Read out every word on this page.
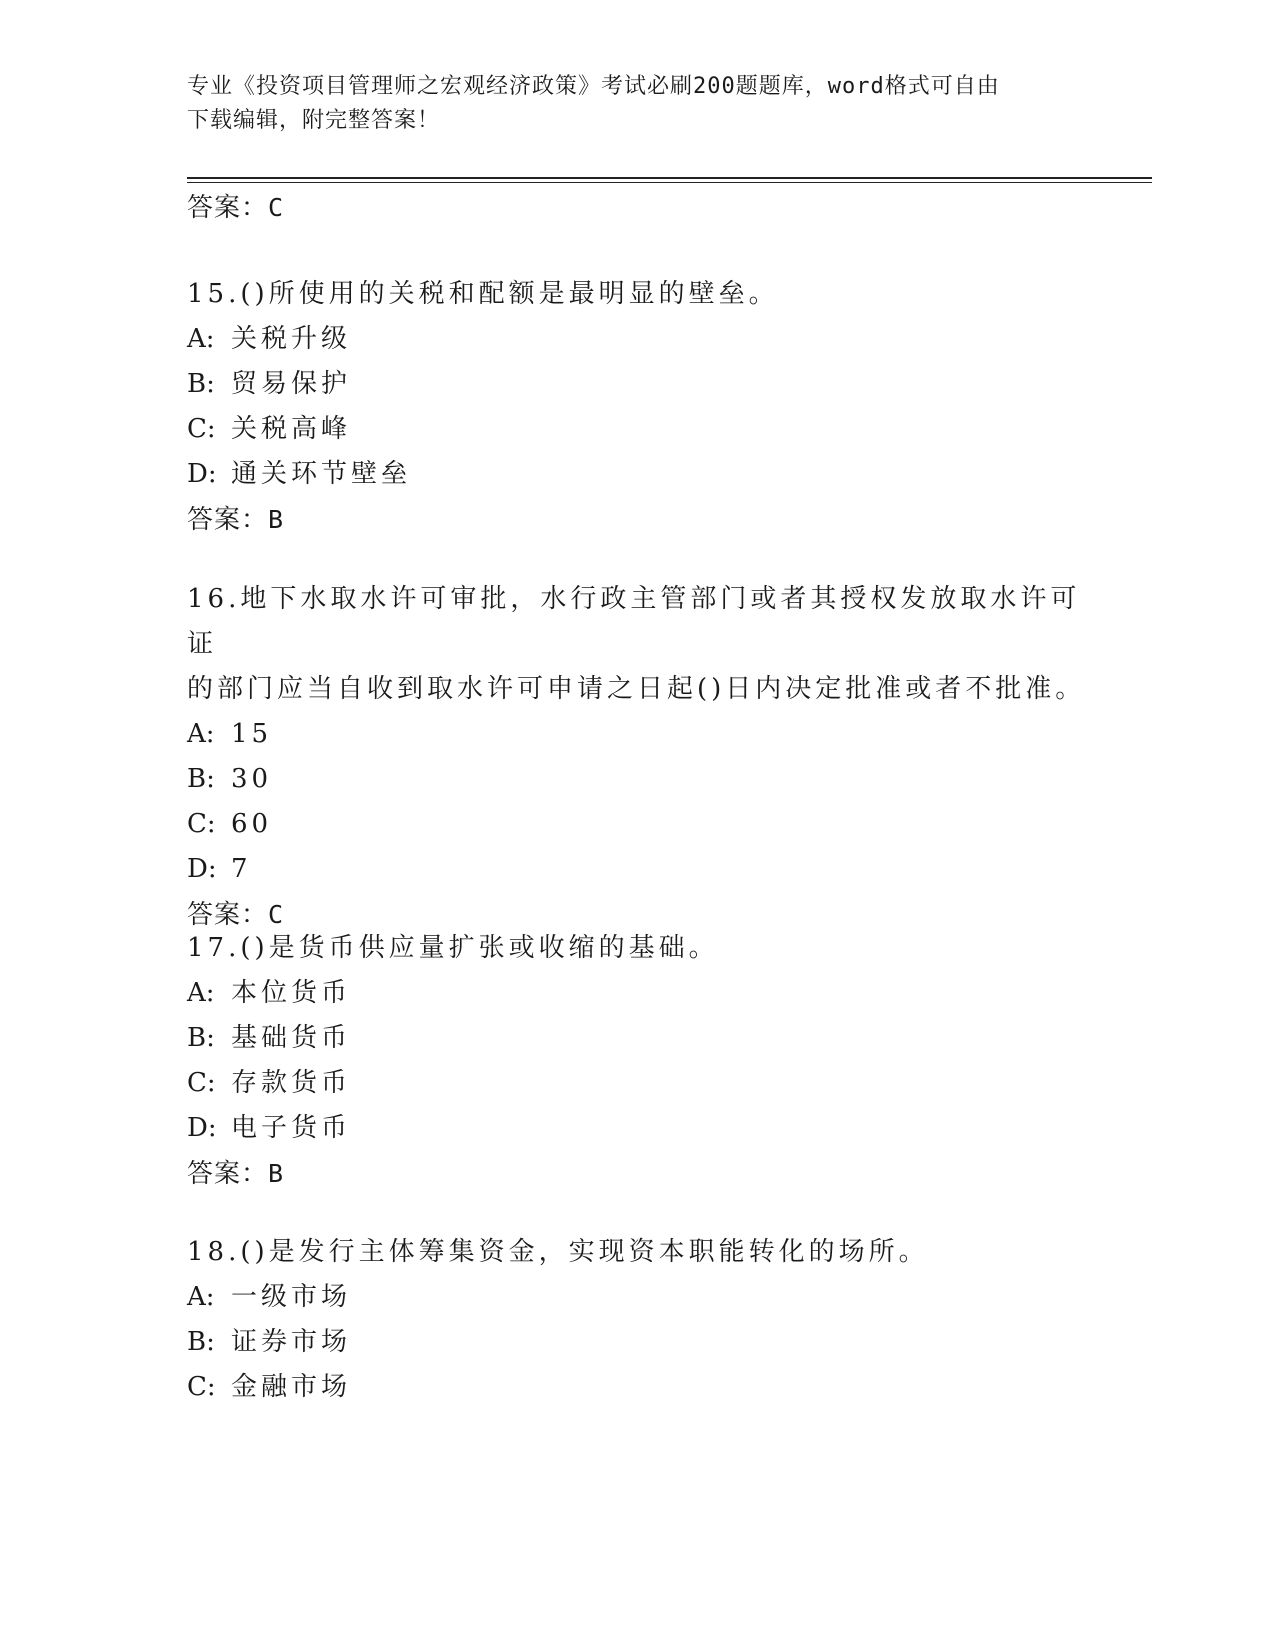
专业《投资项目管理师之宏观经济政策》考试必刷200题题库，word格式可自由
下载编辑，附完整答案！
答案：C
15.()所使用的关税和配额是最明显的壁垒。
A: 关税升级
B: 贸易保护
C: 关税高峰
D: 通关环节壁垒
答案：B
16.地下水取水许可审批，水行政主管部门或者其授权发放取水许可证
的部门应当自收到取水许可申请之日起()日内决定批准或者不批准。
A: 15
B: 30
C: 60
D: 7
答案：C
17.()是货币供应量扩张或收缩的基础。
A: 本位货币
B: 基础货币
C: 存款货币
D: 电子货币
答案：B
18.()是发行主体筹集资金，实现资本职能转化的场所。
A: 一级市场
B: 证券市场
C: 金融市场
